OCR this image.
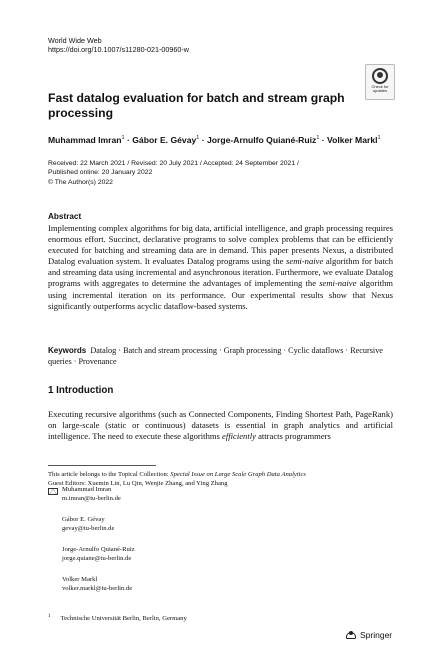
World Wide Web
https://doi.org/10.1007/s11280-021-00960-w
Check for
updates
Fast datalog evaluation for batch and stream graph processing
Muhammad Imran$^1$ · Gábor E. Gévay$^1$ · Jorge-Arnulfo Quiané-Ruiz$^1$ · Volker Markl$^1$
Received: 22 March 2021 / Revised: 20 July 2021 / Accepted: 24 September 2021 /
Published online: 20 January 2022
© The Author(s) 2022
Abstract
Implementing complex algorithms for big data, artificial intelligence, and graph processing requires enormous effort. Succinct, declarative programs to solve complex problems that can be efficiently executed for batching and streaming data are in demand. This paper presents Nexus, a distributed Datalog evaluation system. It evaluates Datalog programs using the semi-naive algorithm for batch and streaming data using incremental and asynchronous iteration. Furthermore, we evaluate Datalog programs with aggregates to determine the advantages of implementing the semi-naive algorithm using incremental iteration on its performance. Our experimental results show that Nexus significantly outperforms acyclic dataflow-based systems.
Keywords Datalog · Batch and stream processing · Graph processing · Cyclic dataflows · Recursive queries · Provenance
1 Introduction
Executing recursive algorithms (such as Connected Components, Finding Shortest Path, PageRank) on large-scale (static or continuous) datasets is essential in graph analytics and artificial intelligence. The need to execute these algorithms efficiently attracts programmers
This article belongs to the Topical Collection: Special Issue on Large Scale Graph Data Analytics
Guest Editors: Xuemin Lin, Lu Qin, Wenjie Zhang, and Ying Zhang
Muhammad Imran
m.imran@tu-berlin.de
Gábor E. Gévay
gevay@tu-berlin.de
Jorge-Arnulfo Quiané-Ruiz
jorge.quiane@tu-berlin.de
Volker Markl
volker.markl@tu-berlin.de
$^1$ Technische Universität Berlin, Berlin, Germany
Springer
